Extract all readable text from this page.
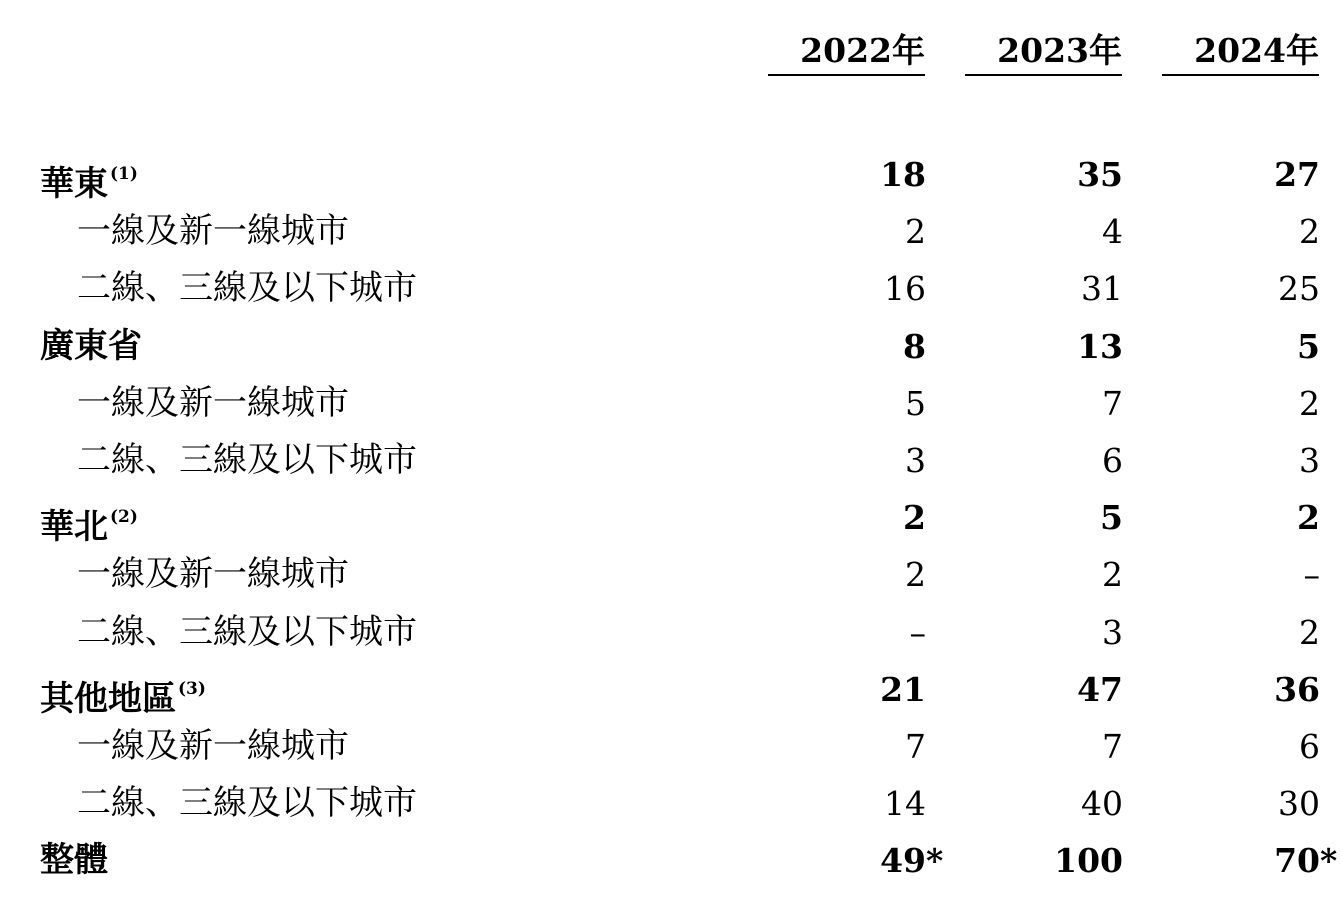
2022年 2023年 2024年
華東 $^{(1)}$	18	35	27
一線及新一線城市	2	4	2
二線、三線及以下城市	16	31	25
廣東省	8	13	5
一線及新一線城市	5	7	2
二線、三線及以下城市	3	6	3
華北 $^{(2)}$	2	5	2
一線及新一線城市	2	2	–
二線、三線及以下城市	–	3	2
其他地區 $^{(3)}$	21	47	36
一線及新一線城市	7	7	6
二線、三線及以下城市	14	40	30
整體	49*	100	70*
